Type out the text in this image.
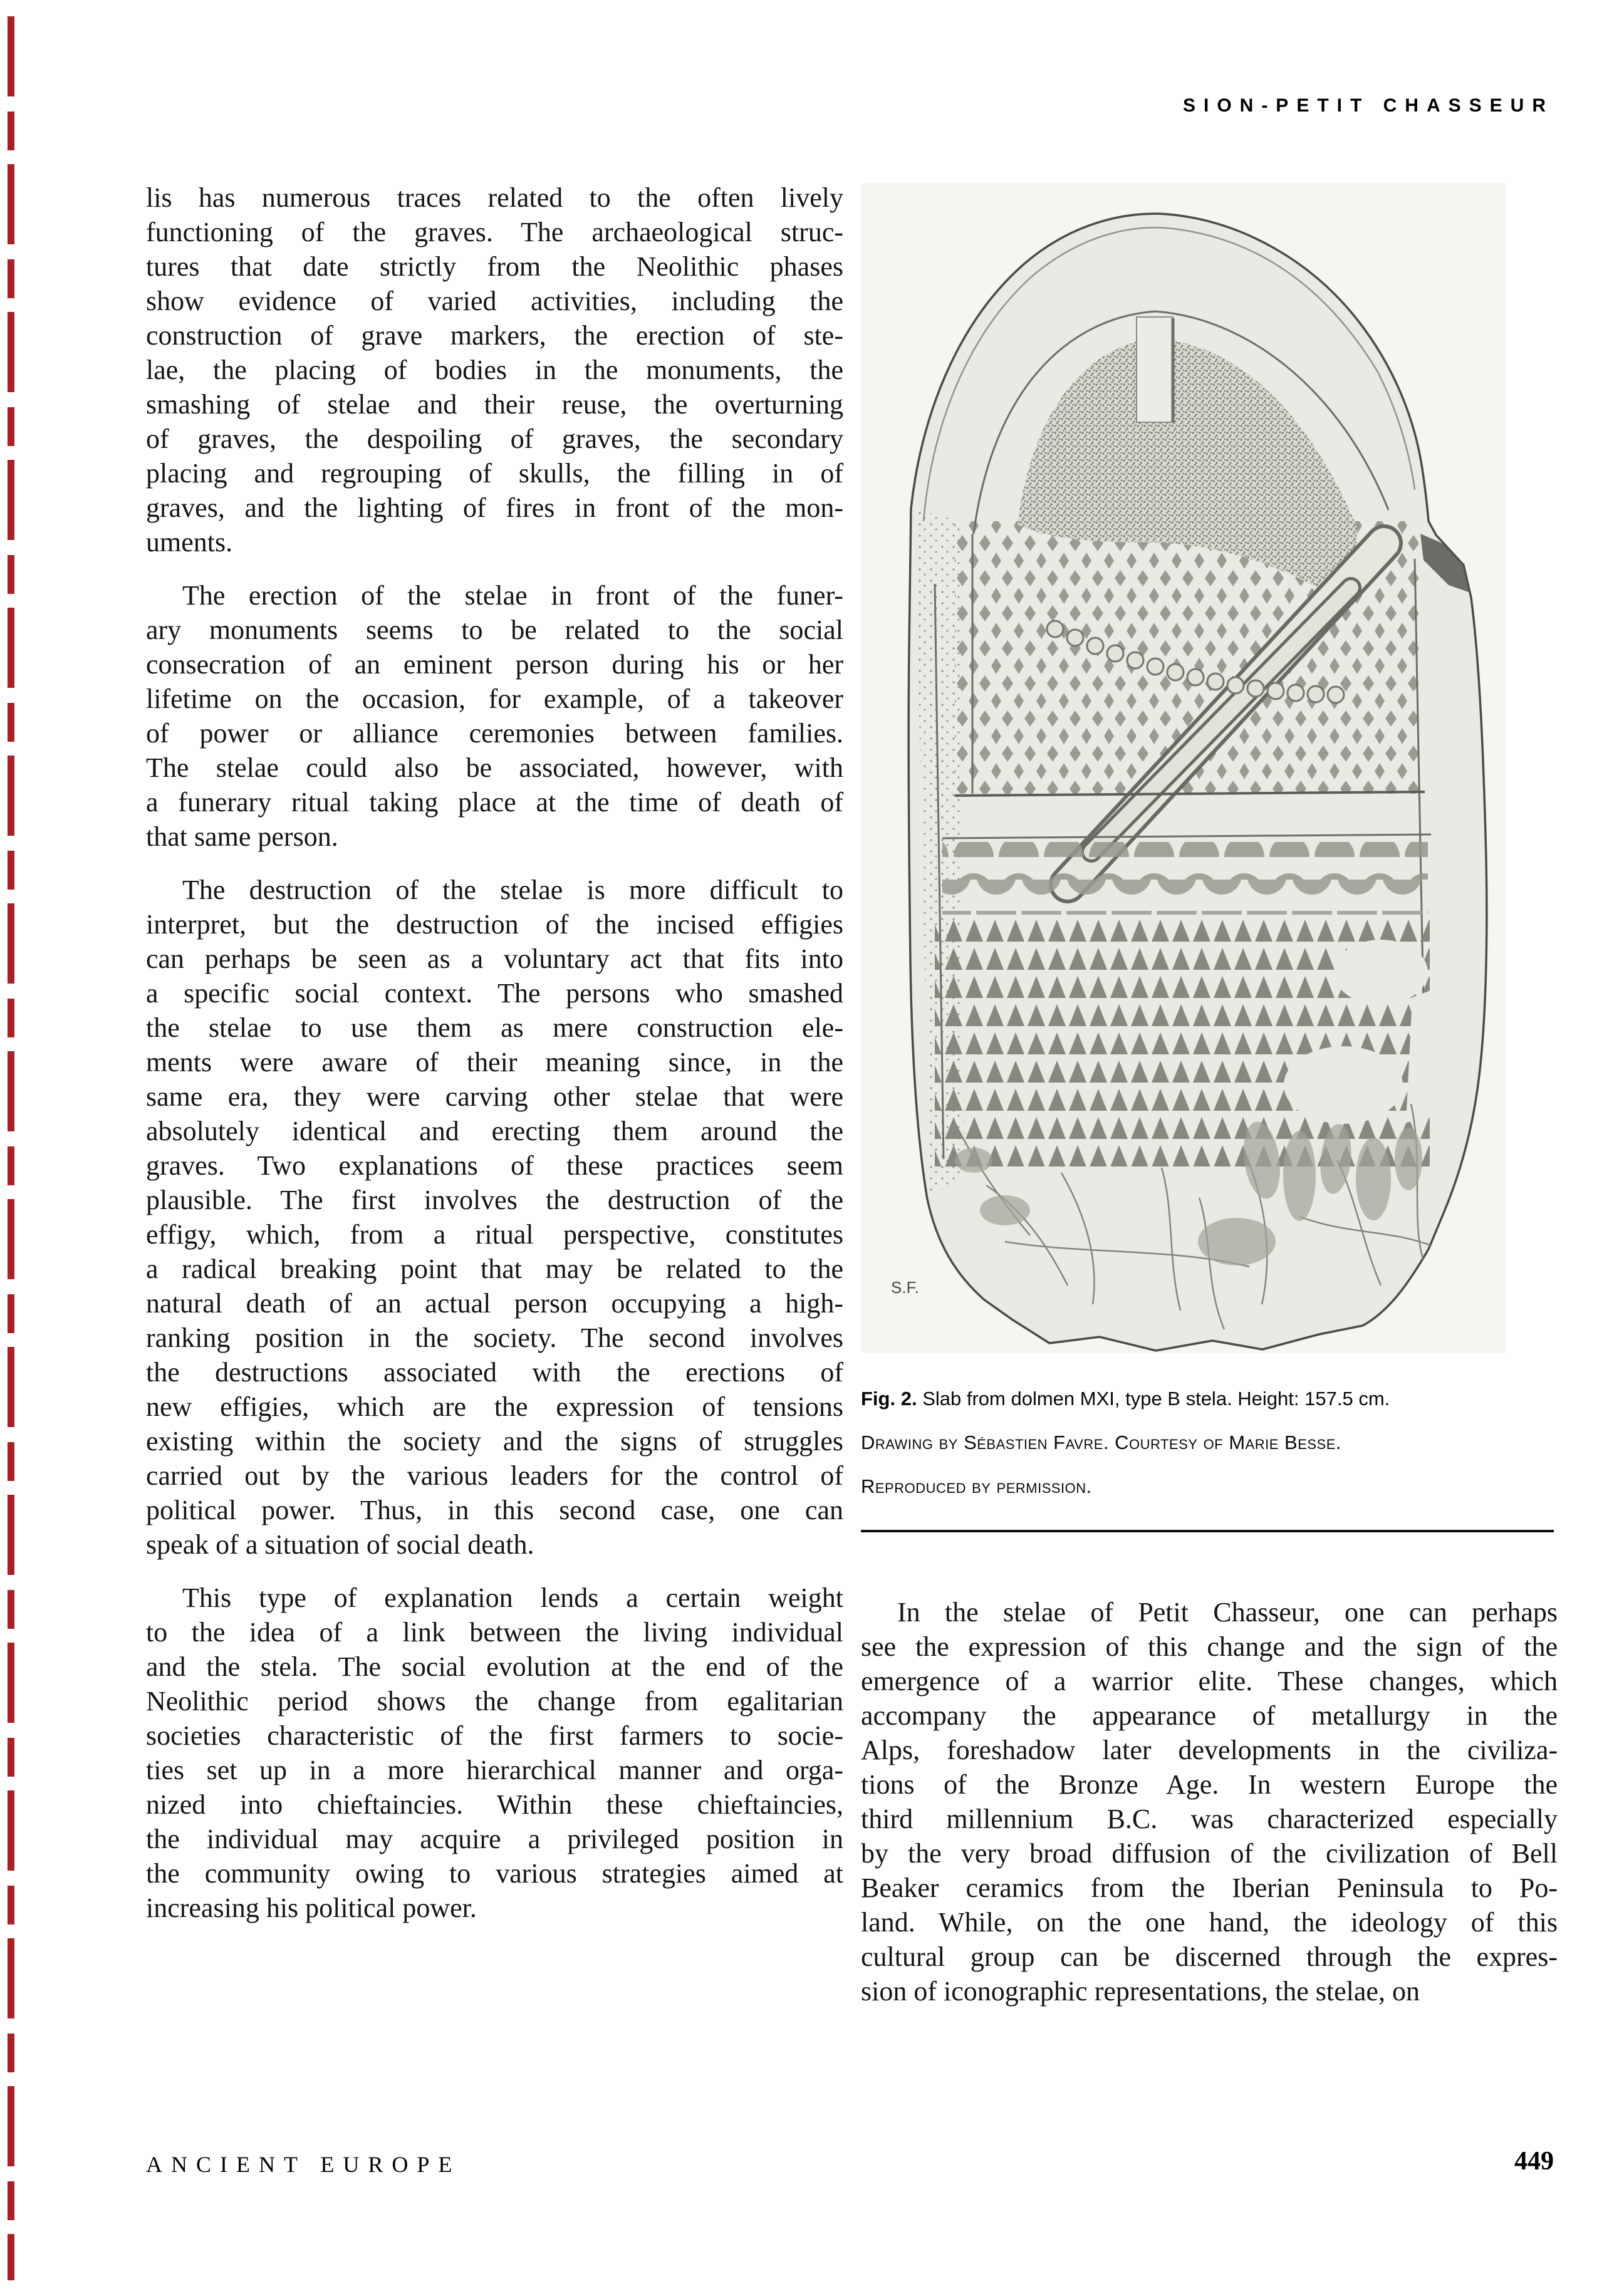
SION-PETIT CHASSEUR
lis has numerous traces related to the often lively
functioning of the graves. The archaeological struc-
tures that date strictly from the Neolithic phases
show evidence of varied activities, including the
construction of grave markers, the erection of ste-
lae, the placing of bodies in the monuments, the
smashing of stelae and their reuse, the overturning
of graves, the despoiling of graves, the secondary
placing and regrouping of skulls, the filling in of
graves, and the lighting of fires in front of the mon-
uments.
The erection of the stelae in front of the funer-
ary monuments seems to be related to the social
consecration of an eminent person during his or her
lifetime on the occasion, for example, of a takeover
of power or alliance ceremonies between families.
The stelae could also be associated, however, with
a funerary ritual taking place at the time of death of
that same person.
The destruction of the stelae is more difficult to
interpret, but the destruction of the incised effigies
can perhaps be seen as a voluntary act that fits into
a specific social context. The persons who smashed
the stelae to use them as mere construction ele-
ments were aware of their meaning since, in the
same era, they were carving other stelae that were
absolutely identical and erecting them around the
graves. Two explanations of these practices seem
plausible. The first involves the destruction of the
effigy, which, from a ritual perspective, constitutes
a radical breaking point that may be related to the
natural death of an actual person occupying a high-
ranking position in the society. The second involves
the destructions associated with the erections of
new effigies, which are the expression of tensions
existing within the society and the signs of struggles
carried out by the various leaders for the control of
political power. Thus, in this second case, one can
speak of a situation of social death.
This type of explanation lends a certain weight
to the idea of a link between the living individual
and the stela. The social evolution at the end of the
Neolithic period shows the change from egalitarian
societies characteristic of the first farmers to socie-
ties set up in a more hierarchical manner and orga-
nized into chieftaincies. Within these chieftaincies,
the individual may acquire a privileged position in
the community owing to various strategies aimed at
increasing his political power.
S.F.
Fig. 2. Slab from dolmen MXI, type B stela. Height: 157.5 cm.
Drawing by Sébastien Favre. Courtesy of Marie Besse.
Reproduced by permission.
In the stelae of Petit Chasseur, one can perhaps
see the expression of this change and the sign of the
emergence of a warrior elite. These changes, which
accompany the appearance of metallurgy in the
Alps, foreshadow later developments in the civiliza-
tions of the Bronze Age. In western Europe the
third millennium B.C. was characterized especially
by the very broad diffusion of the civilization of Bell
Beaker ceramics from the Iberian Peninsula to Po-
land. While, on the one hand, the ideology of this
cultural group can be discerned through the expres-
sion of iconographic representations, the stelae, on
ANCIENT EUROPE	449
